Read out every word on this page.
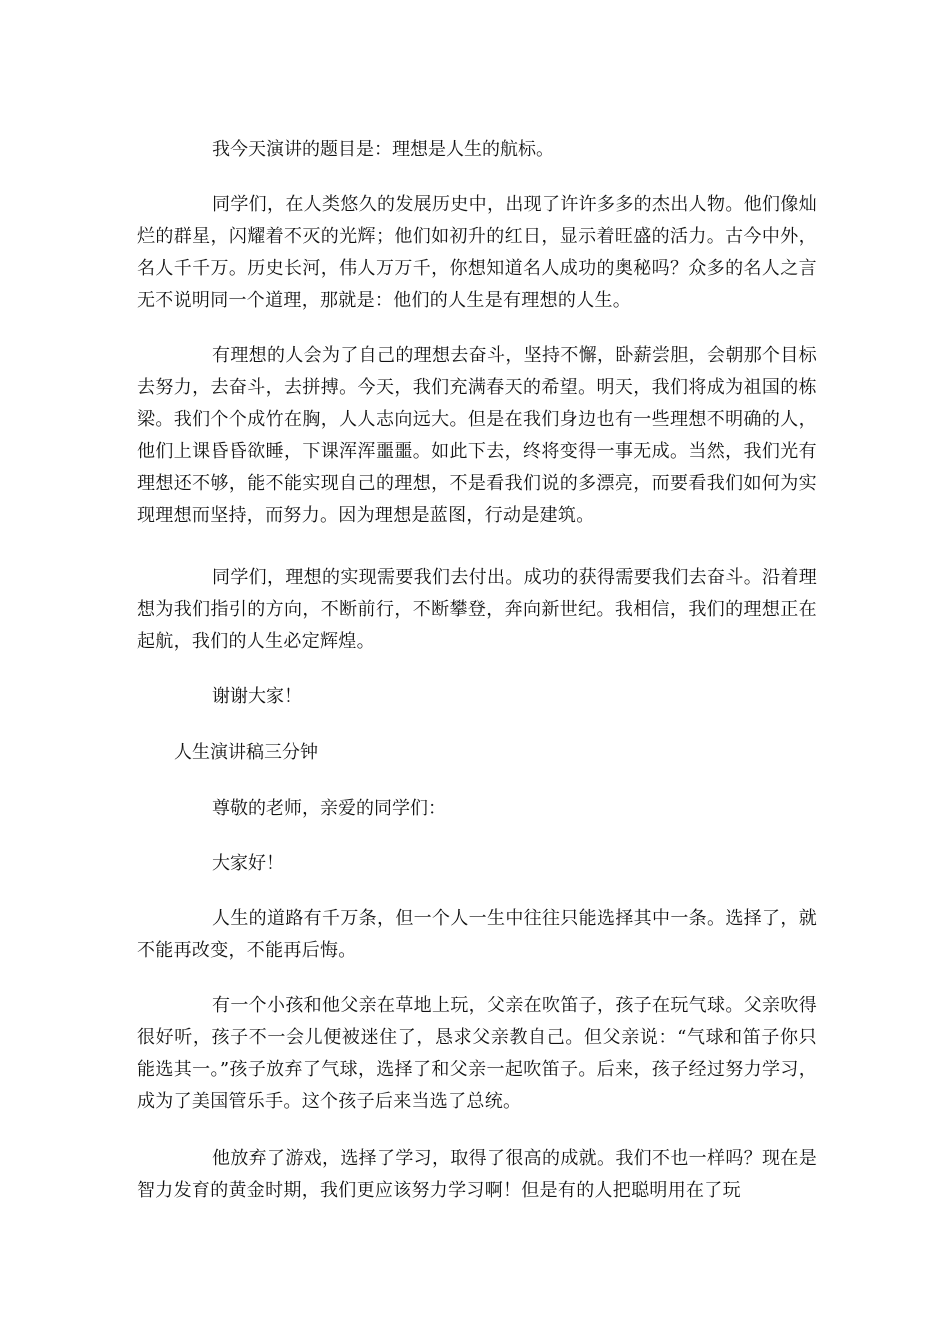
我今天演讲的题目是：理想是人生的航标。
同学们，在人类悠久的发展历史中，出现了许许多多的杰出人物。他们像灿烂的群星，闪耀着不灭的光辉；他们如初升的红日，显示着旺盛的活力。古今中外，名人千千万。历史长河，伟人万万千，你想知道名人成功的奥秘吗？众多的名人之言无不说明同一个道理，那就是：他们的人生是有理想的人生。
有理想的人会为了自己的理想去奋斗，坚持不懈，卧薪尝胆，会朝那个目标去努力，去奋斗，去拼搏。今天，我们充满春天的希望。明天，我们将成为祖国的栋梁。我们个个成竹在胸，人人志向远大。但是在我们身边也有一些理想不明确的人，他们上课昏昏欲睡，下课浑浑噩噩。如此下去，终将变得一事无成。当然，我们光有理想还不够，能不能实现自己的理想，不是看我们说的多漂亮，而要看我们如何为实现理想而坚持，而努力。因为理想是蓝图，行动是建筑。
同学们，理想的实现需要我们去付出。成功的获得需要我们去奋斗。沿着理想为我们指引的方向，不断前行，不断攀登，奔向新世纪。我相信，我们的理想正在起航，我们的人生必定辉煌。
谢谢大家！
人生演讲稿三分钟
尊敬的老师，亲爱的同学们：
大家好！
人生的道路有千万条，但一个人一生中往往只能选择其中一条。选择了，就不能再改变，不能再后悔。
有一个小孩和他父亲在草地上玩，父亲在吹笛子，孩子在玩气球。父亲吹得很好听，孩子不一会儿便被迷住了，恳求父亲教自己。但父亲说：“气球和笛子你只能选其一。”孩子放弃了气球，选择了和父亲一起吹笛子。后来，孩子经过努力学习，成为了美国管乐手。这个孩子后来当选了总统。
他放弃了游戏，选择了学习，取得了很高的成就。我们不也一样吗？现在是智力发育的黄金时期，我们更应该努力学习啊！但是有的人把聪明用在了玩
